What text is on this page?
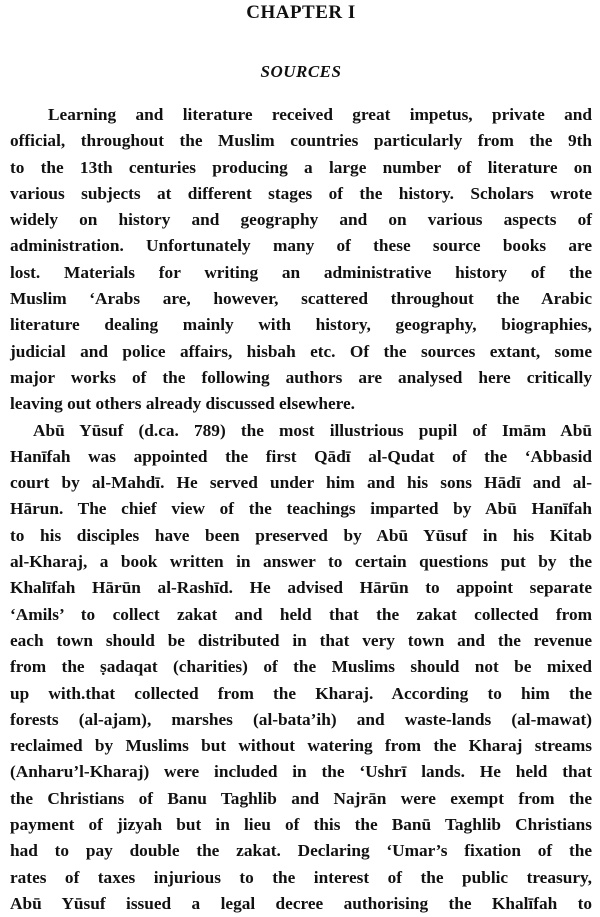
CHAPTER I
SOURCES

Learning and literature received great impetus, private and
official, throughout the Muslim countries particularly from the 9th
to the 13th centuries producing a large number of literature on
various subjects at different stages of the history. Scholars wrote
widely on history and geography and on various aspects of
administration. Unfortunately many of these source books are
lost. Materials for writing an administrative history of the
Muslim ‘Arabs are, however, scattered throughout the Arabic
literature dealing mainly with history, geography, biographies,
judicial and police affairs, hisbah etc. Of the sources extant, some
major works of the following authors are analysed here critically
leaving out others already discussed elsewhere.

Abū Yūsuf (d.ca. 789) the most illustrious pupil of Imām Abū
Hanīfah was appointed the first Qādī al-Qudat of the ‘Abbasid
court by al-Mahdī. He served under him and his sons Hādī and al-
Hārun. The chief view of the teachings imparted by Abū Hanīfah
to his disciples have been preserved by Abū Yūsuf in his Kitab
al-Kharaj, a book written in answer to certain questions put by the
Khalīfah Hārūn al-Rashīd. He advised Hārūn to appoint separate
‘Amils’ to collect zakat and held that the zakat collected from
each town should be distributed in that very town and the revenue
from the ṣadaqat (charities) of the Muslims should not be mixed
up with.that collected from the Kharaj. According to him the
forests (al-ajam), marshes (al-bata’ih) and waste-lands (al-mawat)
reclaimed by Muslims but without watering from the Kharaj streams
(Anharu’l-Kharaj) were included in the ‘Ushrī lands. He held that
the Christians of Banu Taghlib and Najrān were exempt from the
payment of jizyah but in lieu of this the Banū Taghlib Christians
had to pay double the zakat. Declaring ‘Umar’s fixation of the
rates of taxes injurious to the interest of the public treasury,
Abū Yūsuf issued a legal decree authorising the Khalīfah to
